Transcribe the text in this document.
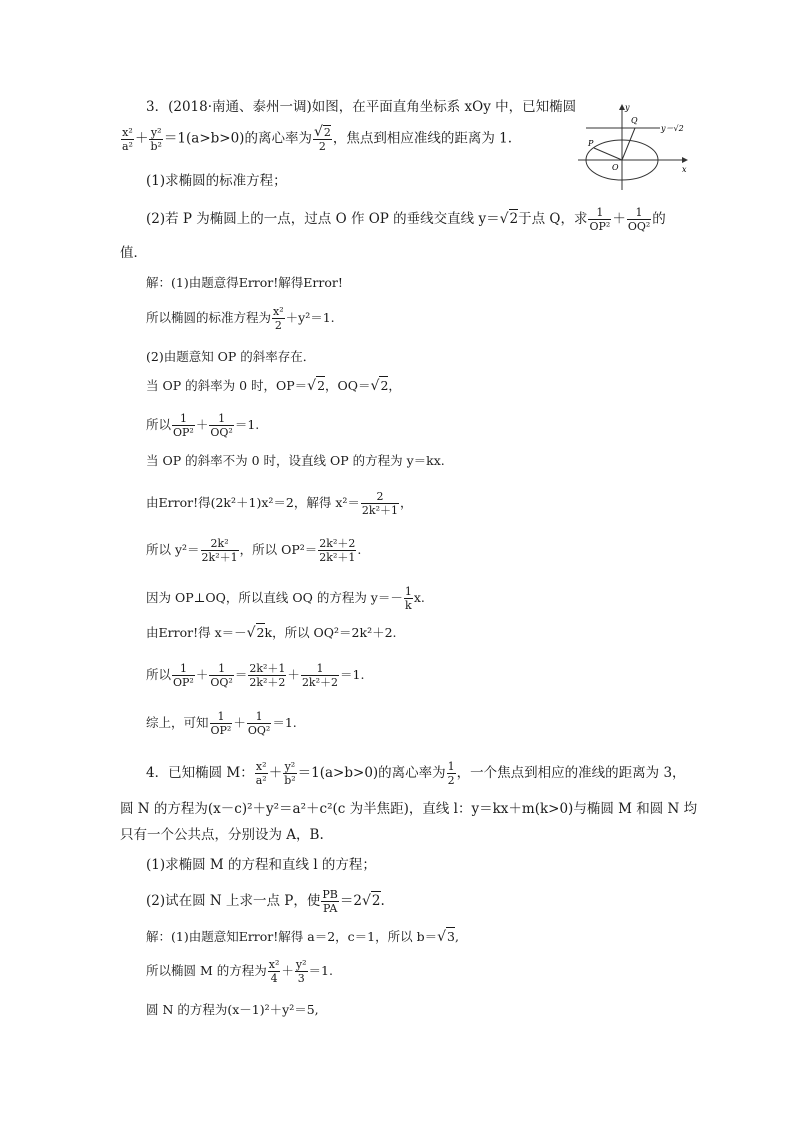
3．(2018·南通、泰州一调)如图，在平面直角坐标系 xOy 中，已知椭圆
$\frac{\text{x²}}{\text{a²}} + \frac{\text{y²}}{\text{b²}} =1(a>b>0)$的离心率为 $\frac{√2}{2}$ ，焦点到相应准线的距离为 1.
(1)求椭圆的标准方程；
(2)若 P 为椭圆上的一点，过点 O 作 OP 的垂线交直线 y＝√2于点 Q，求 $\frac{1}{\text{OP²}} + \frac{1}{\text{OQ²}}$ 的
值．
解：(1)由题意得Error!解得Error!
所以椭圆的标准方程为 $\frac{\text{x²}}{2} +y^2=1$.
(2)由题意知 OP 的斜率存在．
当 OP 的斜率为 0 时，OP＝√2，OQ＝√2，
所以 $\frac{1}{\text{OP²}} + \frac{1}{\text{OQ²}} =1$.
当 OP 的斜率不为 0 时，设直线 OP 的方程为 y＝kx.
由Error!得(2k²＋1)x²＝2，解得 $x^2= \frac{2}{\text{2k²＋1}}$ ，
所以 $y^2= \frac{\text{2k²}}{\text{2k²＋1}}$ ，所以 $OP^2= \frac{\text{2k²＋2}}{\text{2k²＋1}}$ .
因为 OP⊥OQ，所以直线 OQ 的方程为 $y=- \frac{1}{k} x$.
由Error!得 x＝－√2k，所以 OQ²＝2k²＋2.
所以 $\frac{1}{\text{OP²}} + \frac{1}{\text{OQ²}} = \frac{\text{2k²＋1}}{\text{2k²＋2}} + \frac{1}{\text{2k²＋2}} =1$.
综上，可知 $\frac{1}{\text{OP²}} + \frac{1}{\text{OQ²}} =1$.
4．已知椭圆 M： $\frac{\text{x²}}{\text{a²}} + \frac{\text{y²}}{\text{b²}} =1(a>b>0)$的离心率为 $\frac{1}{2}$ ，一个焦点到相应的准线的距离为 3，
圆 N 的方程为(x－c)²＋y²＝a²＋c²(c 为半焦距)，直线 l：y＝kx＋m(k>0)与椭圆 M 和圆 N 均
只有一个公共点，分别设为 A，B.
(1)求椭圆 M 的方程和直线 l 的方程；
(2)试在圆 N 上求一点 P，使 $\frac{PB}{PA} =2√2$.
解：(1)由题意知Error!解得 a＝2，c＝1，所以 b＝√3,
所以椭圆 M 的方程为 $\frac{\text{x²}}{4} + \frac{\text{y²}}{3} =1$.
圆 N 的方程为(x－1)²＋y²＝5,
y
x
O
P
Q
y＝√2
